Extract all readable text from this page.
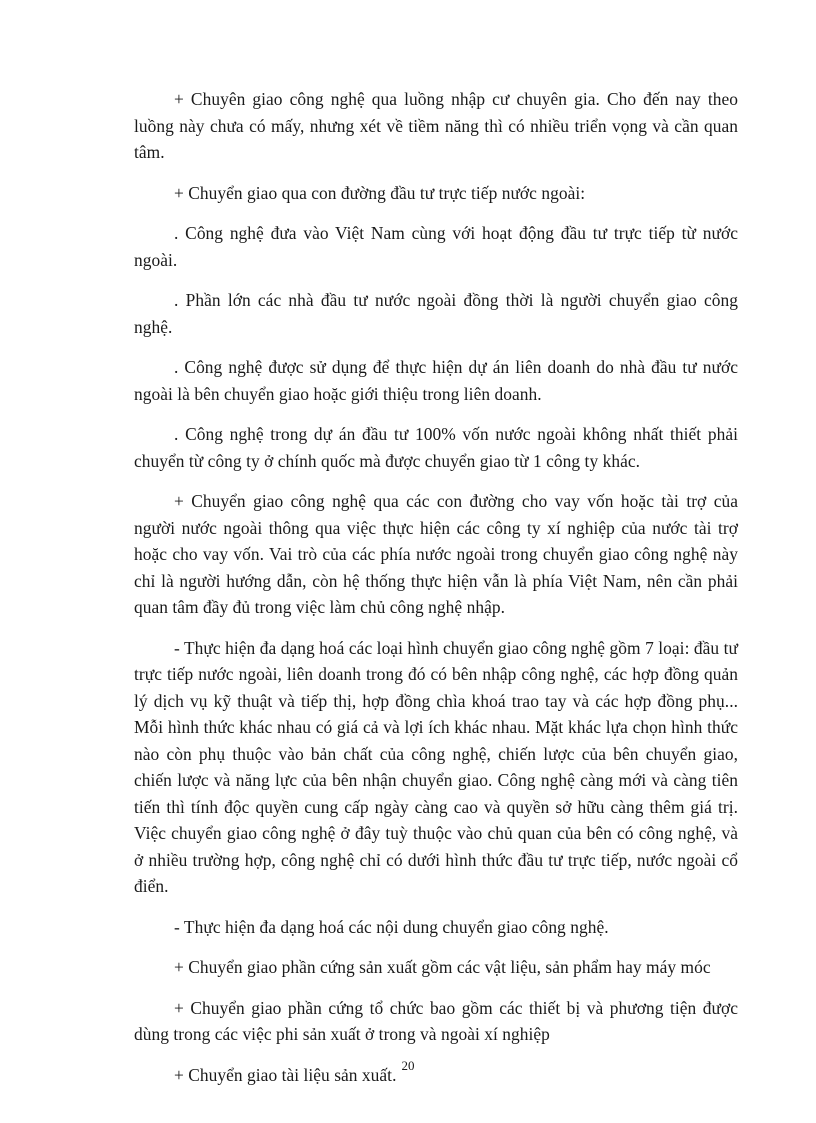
+ Chuyên giao công nghệ qua luồng nhập cư chuyên gia. Cho đến nay theo luồng này chưa có mấy, nhưng xét về tiềm năng thì có nhiều triển vọng và cần quan tâm.

+ Chuyển giao qua con đường đầu tư trực tiếp nước ngoài:

. Công nghệ đưa vào Việt Nam cùng với hoạt động đầu tư trực tiếp từ nước ngoài.

. Phần lớn các nhà đầu tư nước ngoài đồng thời là người chuyển giao công nghệ.

. Công nghệ được sử dụng để thực hiện dự án liên doanh do nhà đầu tư nước ngoài là bên chuyển giao hoặc giới thiệu trong liên doanh.

. Công nghệ trong dự án đầu tư 100% vốn nước ngoài không nhất thiết phải chuyển từ công ty ở chính quốc mà được chuyển giao từ 1 công ty khác.

+ Chuyển giao công nghệ qua các con đường cho vay vốn hoặc tài trợ của người nước ngoài thông qua việc thực hiện các công ty xí nghiệp của nước tài trợ hoặc cho vay vốn. Vai trò của các phía nước ngoài trong chuyển giao công nghệ này chỉ là người hướng dẫn, còn hệ thống thực hiện vẫn là phía Việt Nam, nên cần phải quan tâm đầy đủ trong việc làm chủ công nghệ nhập.

- Thực hiện đa dạng hoá các loại hình chuyển giao công nghệ gồm 7 loại: đầu tư trực tiếp nước ngoài, liên doanh trong đó có bên nhập công nghệ, các hợp đồng quản lý dịch vụ kỹ thuật và tiếp thị, hợp đồng chìa khoá trao tay và các hợp đồng phụ... Mỗi hình thức khác nhau có giá cả và lợi ích khác nhau. Mặt khác lựa chọn hình thức nào còn phụ thuộc vào bản chất của công nghệ, chiến lược của bên chuyển giao, chiến lược và năng lực của bên nhận chuyển giao. Công nghệ càng mới và càng tiên tiến thì tính độc quyền cung cấp ngày càng cao và quyền sở hữu càng thêm giá trị. Việc chuyển giao công nghệ ở đây tuỳ thuộc vào chủ quan của bên có công nghệ, và ở nhiều trường hợp, công nghệ chỉ có dưới hình thức đầu tư trực tiếp, nước ngoài cổ điển.

- Thực hiện đa dạng hoá các nội dung chuyển giao công nghệ.

+ Chuyển giao phần cứng sản xuất gồm các vật liệu, sản phẩm hay máy móc

+ Chuyển giao phần cứng tổ chức bao gồm các thiết bị và phương tiện được dùng trong các việc phi sản xuất ở trong và ngoài xí nghiệp

+ Chuyển giao tài liệu sản xuất. 20
